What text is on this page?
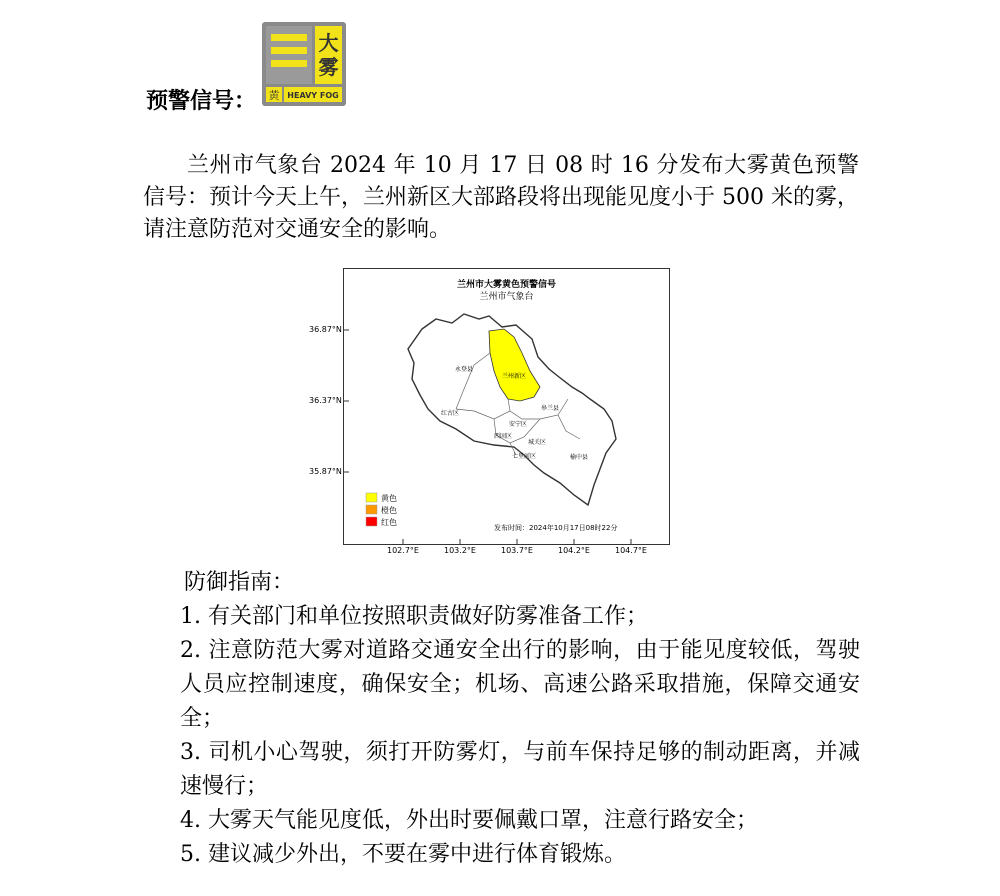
预警信号：
大
雾
黄 HEAVY FOG

兰州市气象台 2024 年 10 月 17 日 08 时 16 分发布大雾黄色预警信号：预计今天上午，兰州新区大部路段将出现能见度小于 500 米的雾，请注意防范对交通安全的影响。

兰州市大雾黄色预警信号
兰州市气象台
永登县
兰州新区
皋兰县
红古区
安宁区
西固区
城关区
七里河区	榆中县
黄色
橙色
红色
发布时间：2024年10月17日08时22分
36.87°N
36.37°N
35.87°N
102.7°E	103.2°E	103.7°E	104.2°E	104.7°E

防御指南：

1. 有关部门和单位按照职责做好防雾准备工作；
2. 注意防范大雾对道路交通安全出行的影响，由于能见度较低，驾驶人员应控制速度，确保安全；机场、高速公路采取措施，保障交通安全；
3. 司机小心驾驶，须打开防雾灯，与前车保持足够的制动距离，并减速慢行；
4. 大雾天气能见度低，外出时要佩戴口罩，注意行路安全；
5. 建议减少外出，不要在雾中进行体育锻炼。
